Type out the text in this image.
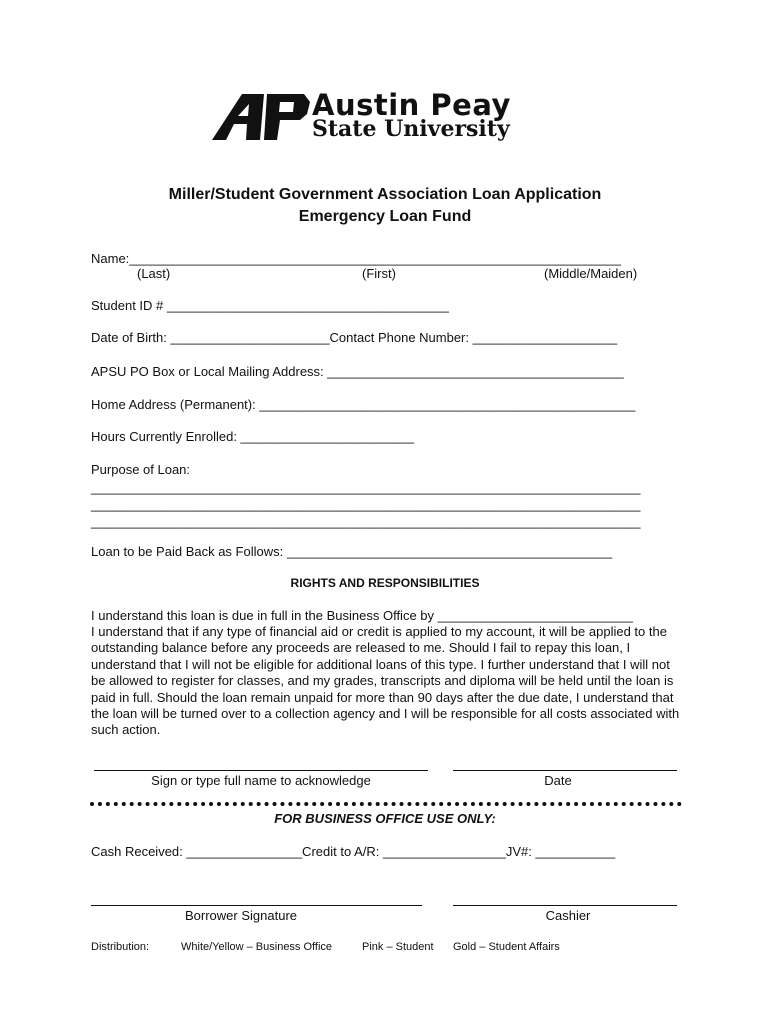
Austin Peay
State University
Miller/Student Government Association Loan Application
Emergency Loan Fund
Name:____________________________________________________________________
(Last)	(First)	(Middle/Maiden)
Student ID # _______________________________________
Date of Birth: ______________________Contact Phone Number: ____________________
APSU PO Box or Local Mailing Address: _________________________________________
Home Address (Permanent): ____________________________________________________
Hours Currently Enrolled: ________________________
Purpose of Loan:
____________________________________________________________________________
____________________________________________________________________________
____________________________________________________________________________
Loan to be Paid Back as Follows: _____________________________________________
RIGHTS AND RESPONSIBILITIES
I understand this loan is due in full in the Business Office by ___________________________
I understand that if any type of financial aid or credit is applied to my account, it will be applied to the outstanding balance before any proceeds are released to me. Should I fail to repay this loan, I understand that I will not be eligible for additional loans of this type. I further understand that I will not be allowed to register for classes, and my grades, transcripts and diploma will be held until the loan is paid in full. Should the loan remain unpaid for more than 90 days after the due date, I understand that the loan will be turned over to a collection agency and I will be responsible for all costs associated with such action.
Sign or type full name to acknowledge	Date
FOR BUSINESS OFFICE USE ONLY:
Cash Received: ________________Credit to A/R: _________________JV#: ___________
Borrower Signature	Cashier
Distribution:	White/Yellow – Business Office	Pink – Student Gold – Student Affairs
